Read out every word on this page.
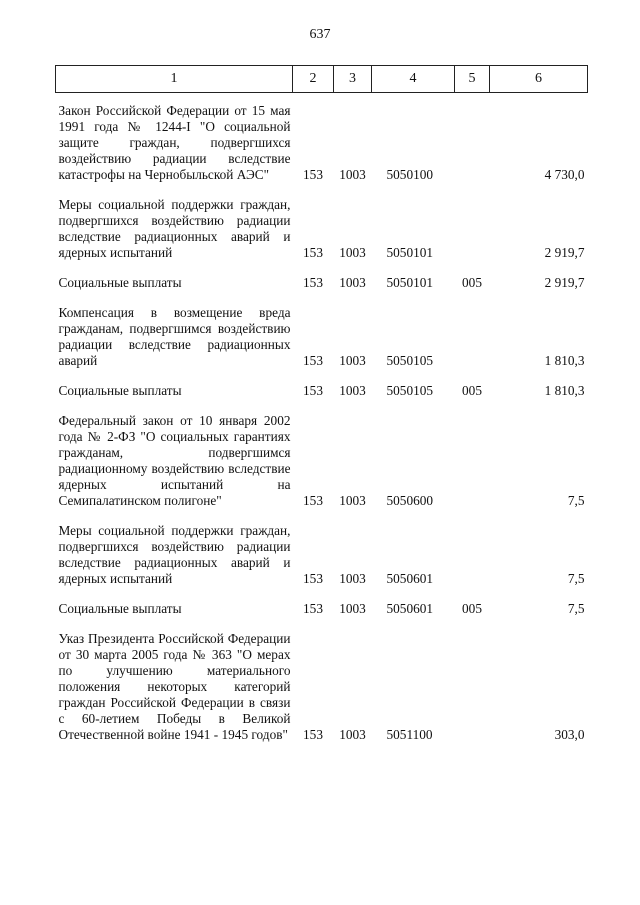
637
1	2	3	4	5	6

Закон Российской Федерации от 15 мая 1991 года № 1244-I "О социальной защите граждан, подвергшихся воздействию радиации вследствие катастрофы на Чернобыльской АЭС"	153	1003	5050100		4 730,0

Меры социальной поддержки граждан, подвергшихся воздействию радиации вследствие радиационных аварий и ядерных испытаний	153	1003	5050101		2 919,7

Социальные выплаты	153	1003	5050101	005	2 919,7

Компенсация в возмещение вреда гражданам, подвергшимся воздействию радиации вследствие радиационных аварий	153	1003	5050105		1 810,3

Социальные выплаты	153	1003	5050105	005	1 810,3

Федеральный закон от 10 января 2002 года № 2-ФЗ "О социальных гарантиях гражданам, подвергшимся радиационному воздействию вследствие ядерных испытаний на Семипалатинском полигоне"	153	1003	5050600		7,5

Меры социальной поддержки граждан, подвергшихся воздействию радиации вследствие радиационных аварий и ядерных испытаний	153	1003	5050601		7,5

Социальные выплаты	153	1003	5050601	005	7,5

Указ Президента Российской Федерации от 30 марта 2005 года № 363 "О мерах по улучшению материального положения некоторых категорий граждан Российской Федерации в связи с 60-летием Победы в Великой Отечественной войне 1941 - 1945 годов"	153	1003	5051100		303,0
